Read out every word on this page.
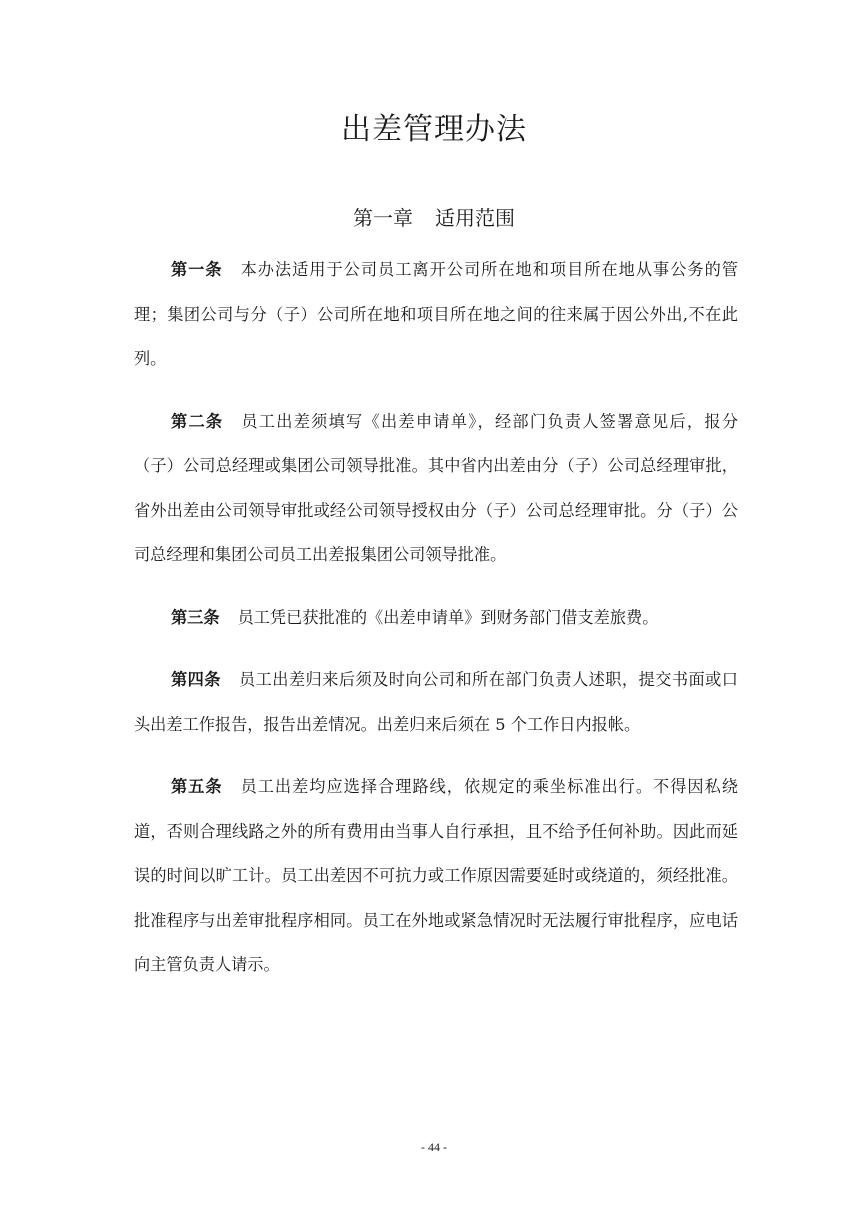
出差管理办法
第一章 适用范围

第一条 本办法适用于公司员工离开公司所在地和项目所在地从事公务的管理；集团公司与分（子）公司所在地和项目所在地之间的往来属于因公外出,不在此列。

第二条 员工出差须填写《出差申请单》，经部门负责人签署意见后，报分（子）公司总经理或集团公司领导批准。其中省内出差由分（子）公司总经理审批，省外出差由公司领导审批或经公司领导授权由分（子）公司总经理审批。分（子）公司总经理和集团公司员工出差报集团公司领导批准。

第三条 员工凭已获批准的《出差申请单》到财务部门借支差旅费。

第四条 员工出差归来后须及时向公司和所在部门负责人述职，提交书面或口头出差工作报告，报告出差情况。出差归来后须在 5 个工作日内报帐。

第五条 员工出差均应选择合理路线，依规定的乘坐标准出行。不得因私绕道，否则合理线路之外的所有费用由当事人自行承担，且不给予任何补助。因此而延误的时间以旷工计。员工出差因不可抗力或工作原因需要延时或绕道的，须经批准。批准程序与出差审批程序相同。员工在外地或紧急情况时无法履行审批程序，应电话向主管负责人请示。

- 44 -
